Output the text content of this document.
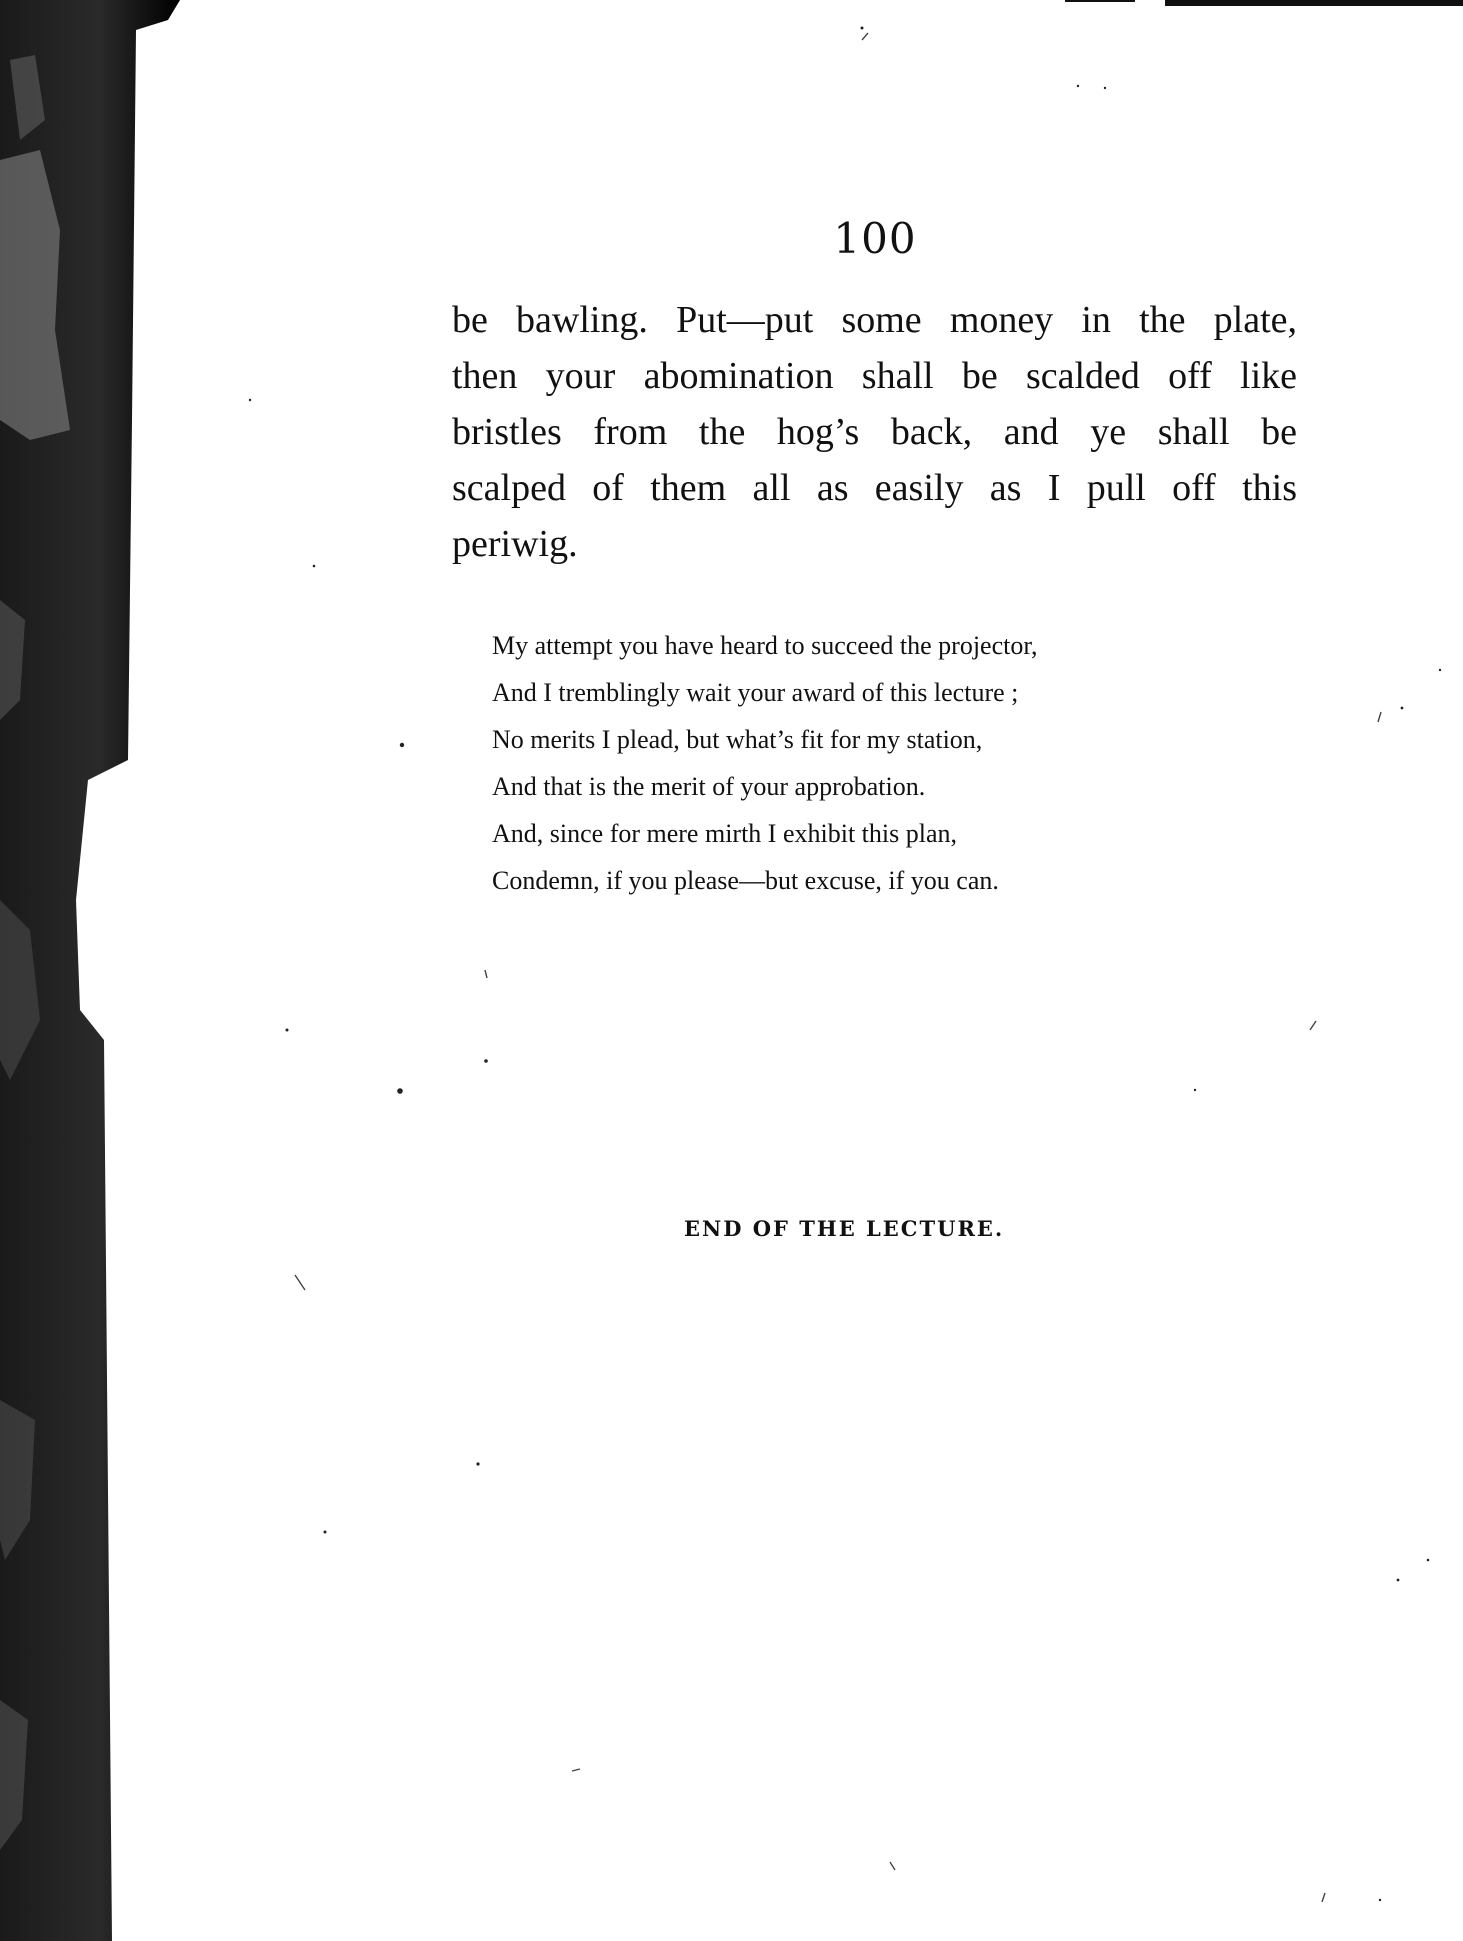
100
be bawling. Put—put some money in the plate,
then your abomination shall be scalded off like
bristles from the hog’s back, and ye shall be
scalped of them all as easily as I pull off this
periwig.
My attempt you have heard to succeed the projector,
And I tremblingly wait your award of this lecture ;
No merits I plead, but what’s fit for my station,
And that is the merit of your approbation.
And, since for mere mirth I exhibit this plan,
Condemn, if you please—but excuse, if you can.
END OF THE LECTURE.
